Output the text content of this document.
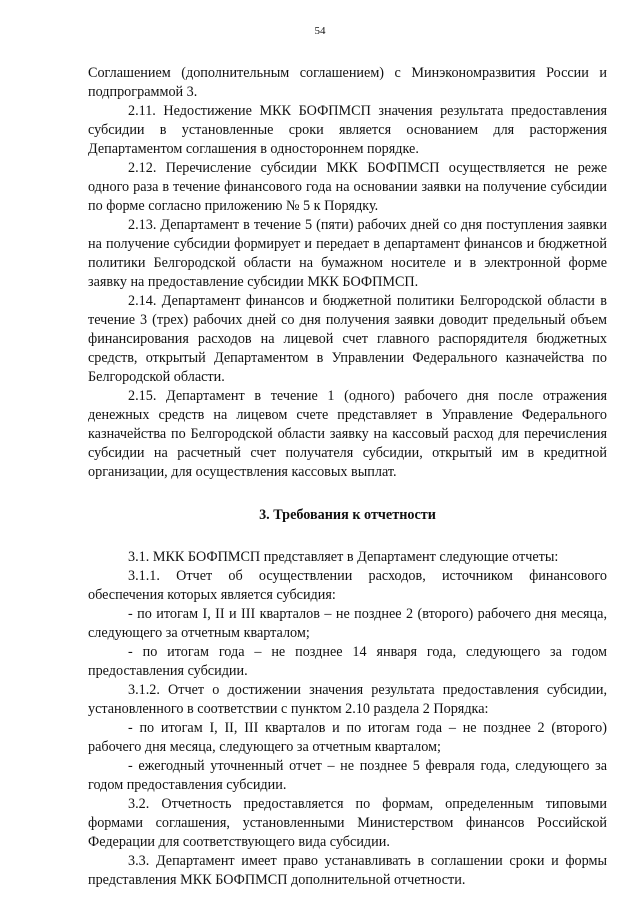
54

Соглашением (дополнительным соглашением) с Минэкономразвития России и подпрограммой 3.

2.11. Недостижение МКК БОФПМСП значения результата предоставления субсидии в установленные сроки является основанием для расторжения Департаментом соглашения в одностороннем порядке.

2.12. Перечисление субсидии МКК БОФПМСП осуществляется не реже одного раза в течение финансового года на основании заявки на получение субсидии по форме согласно приложению № 5 к Порядку.

2.13. Департамент в течение 5 (пяти) рабочих дней со дня поступления заявки на получение субсидии формирует и передает в департамент финансов и бюджетной политики Белгородской области на бумажном носителе и в электронной форме заявку на предоставление субсидии МКК БОФПМСП.

2.14. Департамент финансов и бюджетной политики Белгородской области в течение 3 (трех) рабочих дней со дня получения заявки доводит предельный объем финансирования расходов на лицевой счет главного распорядителя бюджетных средств, открытый Департаментом в Управлении Федерального казначейства по Белгородской области.

2.15. Департамент в течение 1 (одного) рабочего дня после отражения денежных средств на лицевом счете представляет в Управление Федерального казначейства по Белгородской области заявку на кассовый расход для перечисления субсидии на расчетный счет получателя субсидии, открытый им в кредитной организации, для осуществления кассовых выплат.

3. Требования к отчетности

3.1. МКК БОФПМСП представляет в Департамент следующие отчеты:

3.1.1. Отчет об осуществлении расходов, источником финансового обеспечения которых является субсидия:

- по итогам I, II и III кварталов – не позднее 2 (второго) рабочего дня месяца, следующего за отчетным кварталом;

- по итогам года – не позднее 14 января года, следующего за годом предоставления субсидии.

3.1.2. Отчет о достижении значения результата предоставления субсидии, установленного в соответствии с пунктом 2.10 раздела 2 Порядка:

- по итогам I, II, III кварталов и по итогам года – не позднее 2 (второго) рабочего дня месяца, следующего за отчетным кварталом;

- ежегодный уточненный отчет – не позднее 5 февраля года, следующего за годом предоставления субсидии.

3.2. Отчетность предоставляется по формам, определенным типовыми формами соглашения, установленными Министерством финансов Российской Федерации для соответствующего вида субсидии.

3.3. Департамент имеет право устанавливать в соглашении сроки и формы представления МКК БОФПМСП дополнительной отчетности.
